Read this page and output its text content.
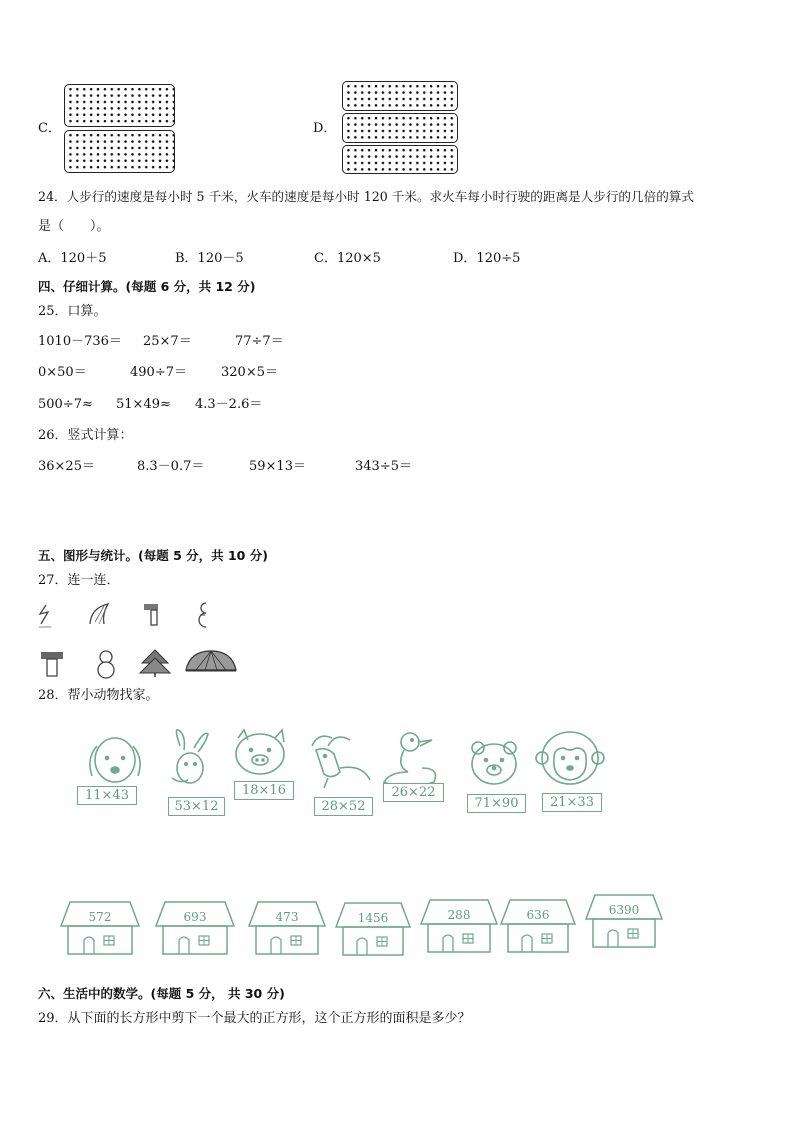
C．	D．
24．人步行的速度是每小时 5 千米，火车的速度是每小时 120 千米。求火车每小时行驶的距离是人步行的几倍的算式
是（　　）。
A．120＋5	B．120－5	C．120×5	D．120÷5
四、仔细计算。(每题 6 分，共 12 分)
25．口算。
1010－736＝ 25×7＝	77÷7＝
0×50＝	490÷7＝	320×5＝
500÷7≈ 51×49≈ 4.3－2.6＝
26．竖式计算：
36×25＝	8.3－0.7＝	59×13＝	343÷5＝
五、图形与统计。(每题 5 分，共 10 分)
27．连一连．
28．帮小动物找家。
11×43
53×12
18×16
28×52
26×22
71×90	21×33
572	693	473	1456	288	636	6390
六、生活中的数学。(每题 5 分， 共 30 分)
29．从下面的长方形中剪下一个最大的正方形，这个正方形的面积是多少？
